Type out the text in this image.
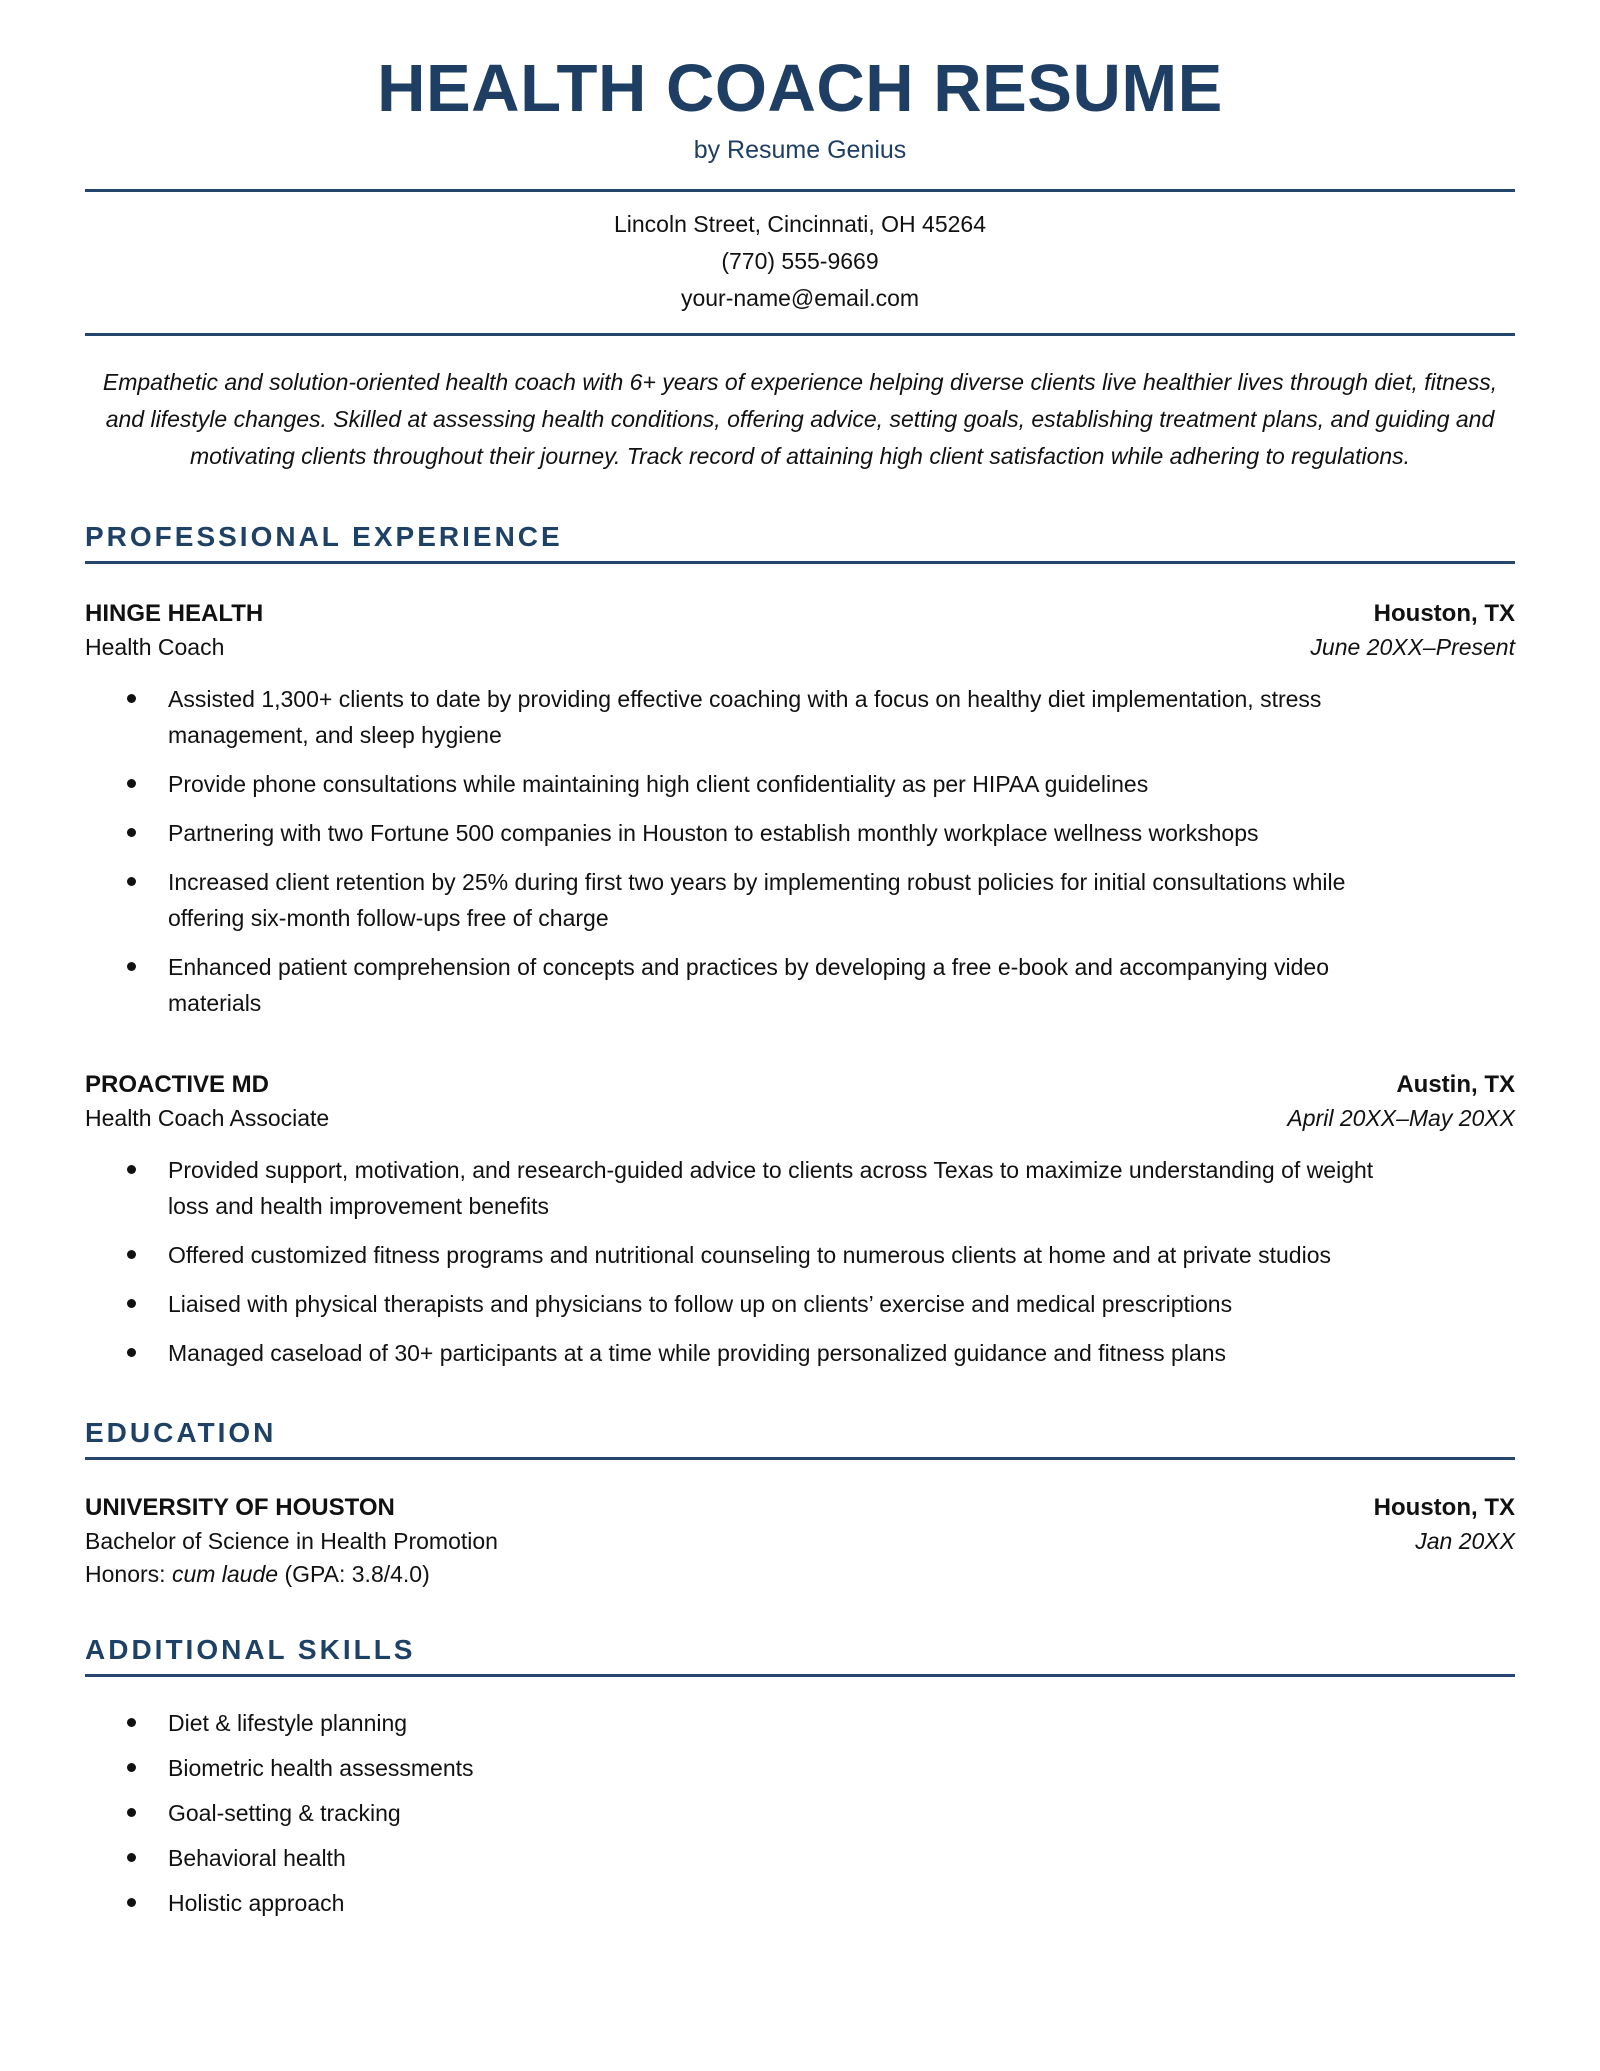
HEALTH COACH RESUME
by Resume Genius
Lincoln Street, Cincinnati, OH 45264
(770) 555-9669
your-name@email.com

Empathetic and solution-oriented health coach with 6+ years of experience helping diverse clients live healthier lives through diet, fitness, and lifestyle changes. Skilled at assessing health conditions, offering advice, setting goals, establishing treatment plans, and guiding and motivating clients throughout their journey. Track record of attaining high client satisfaction while adhering to regulations.

PROFESSIONAL EXPERIENCE
HINGE HEALTH	Houston, TX
Health Coach	June 20XX–Present
Assisted 1,300+ clients to date by providing effective coaching with a focus on healthy diet implementation, stress management, and sleep hygiene
Provide phone consultations while maintaining high client confidentiality as per HIPAA guidelines
Partnering with two Fortune 500 companies in Houston to establish monthly workplace wellness workshops
Increased client retention by 25% during first two years by implementing robust policies for initial consultations while offering six-month follow-ups free of charge
Enhanced patient comprehension of concepts and practices by developing a free e-book and accompanying video materials
PROACTIVE MD	Austin, TX
Health Coach Associate	April 20XX–May 20XX
Provided support, motivation, and research-guided advice to clients across Texas to maximize understanding of weight loss and health improvement benefits
Offered customized fitness programs and nutritional counseling to numerous clients at home and at private studios
Liaised with physical therapists and physicians to follow up on clients’ exercise and medical prescriptions
Managed caseload of 30+ participants at a time while providing personalized guidance and fitness plans
EDUCATION
UNIVERSITY OF HOUSTON	Houston, TX
Bachelor of Science in Health Promotion	Jan 20XX
Honors: cum laude (GPA: 3.8/4.0)
ADDITIONAL SKILLS
Diet & lifestyle planning
Biometric health assessments
Goal-setting & tracking
Behavioral health
Holistic approach
